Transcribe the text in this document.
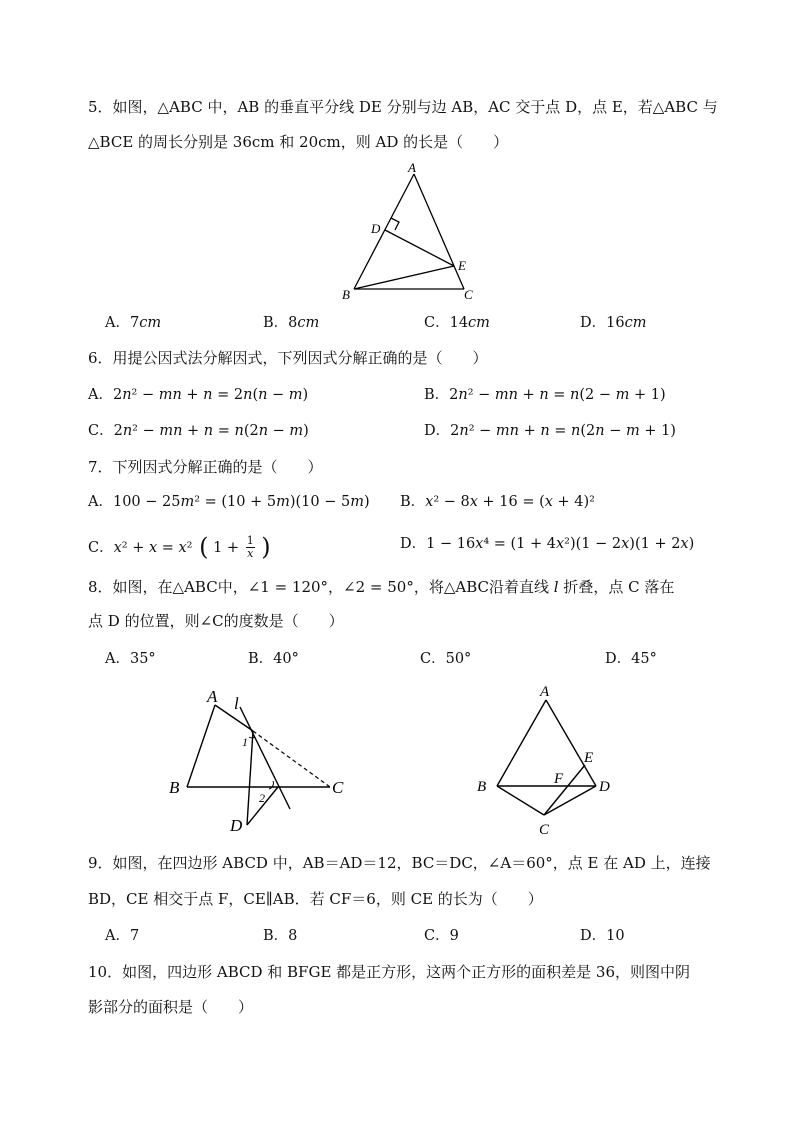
5．如图，△ABC 中，AB 的垂直平分线 DE 分别与边 AB，AC 交于点 D，点 E，若△ABC 与
△BCE 的周长分别是 36cm 和 20cm，则 AD 的长是（　　）
A
D
E
B	C
A．7𝑐𝑚	B．8𝑐𝑚	C．14𝑐𝑚	D．16𝑐𝑚
6．用提公因式法分解因式，下列因式分解正确的是（　　）
A．2𝑛² − 𝑚𝑛 + 𝑛 = 2𝑛(𝑛 − 𝑚)	B．2𝑛² − 𝑚𝑛 + 𝑛 = 𝑛(2 − 𝑚 + 1)
C．2𝑛² − 𝑚𝑛 + 𝑛 = 𝑛(2𝑛 − 𝑚)	D．2𝑛² − 𝑚𝑛 + 𝑛 = 𝑛(2𝑛 − 𝑚 + 1)
7．下列因式分解正确的是（　　）
A．100 − 25𝑚² = (10 + 5𝑚)(10 − 5𝑚) B．𝑥² − 8𝑥 + 16 = (𝑥 + 4)²
C．𝑥² + 𝑥 = 𝑥² ( 1 + 1
𝑥 )	D．1 − 16𝑥⁴ = (1 + 4𝑥²)(1 − 2𝑥)(1 + 2𝑥)
8．如图，在△ABC中，∠1 = 120°，∠2 = 50°，将△ABC沿着直线 𝑙 折叠，点 C 落在
点 D 的位置，则∠C的度数是（　　）
A．35°	B．40°	C．50°	D．45°
A l
1
2
B	C
D
A
E
F
B	D
C
9．如图，在四边形 ABCD 中，AB＝AD＝12，BC＝DC，∠A＝60°，点 E 在 AD 上，连接
BD，CE 相交于点 F，CE∥AB．若 CF＝6，则 CE 的长为（　　）
A．7	B．8	C．9	D．10
10．如图，四边形 ABCD 和 BFGE 都是正方形，这两个正方形的面积差是 36，则图中阴
影部分的面积是（　　）
